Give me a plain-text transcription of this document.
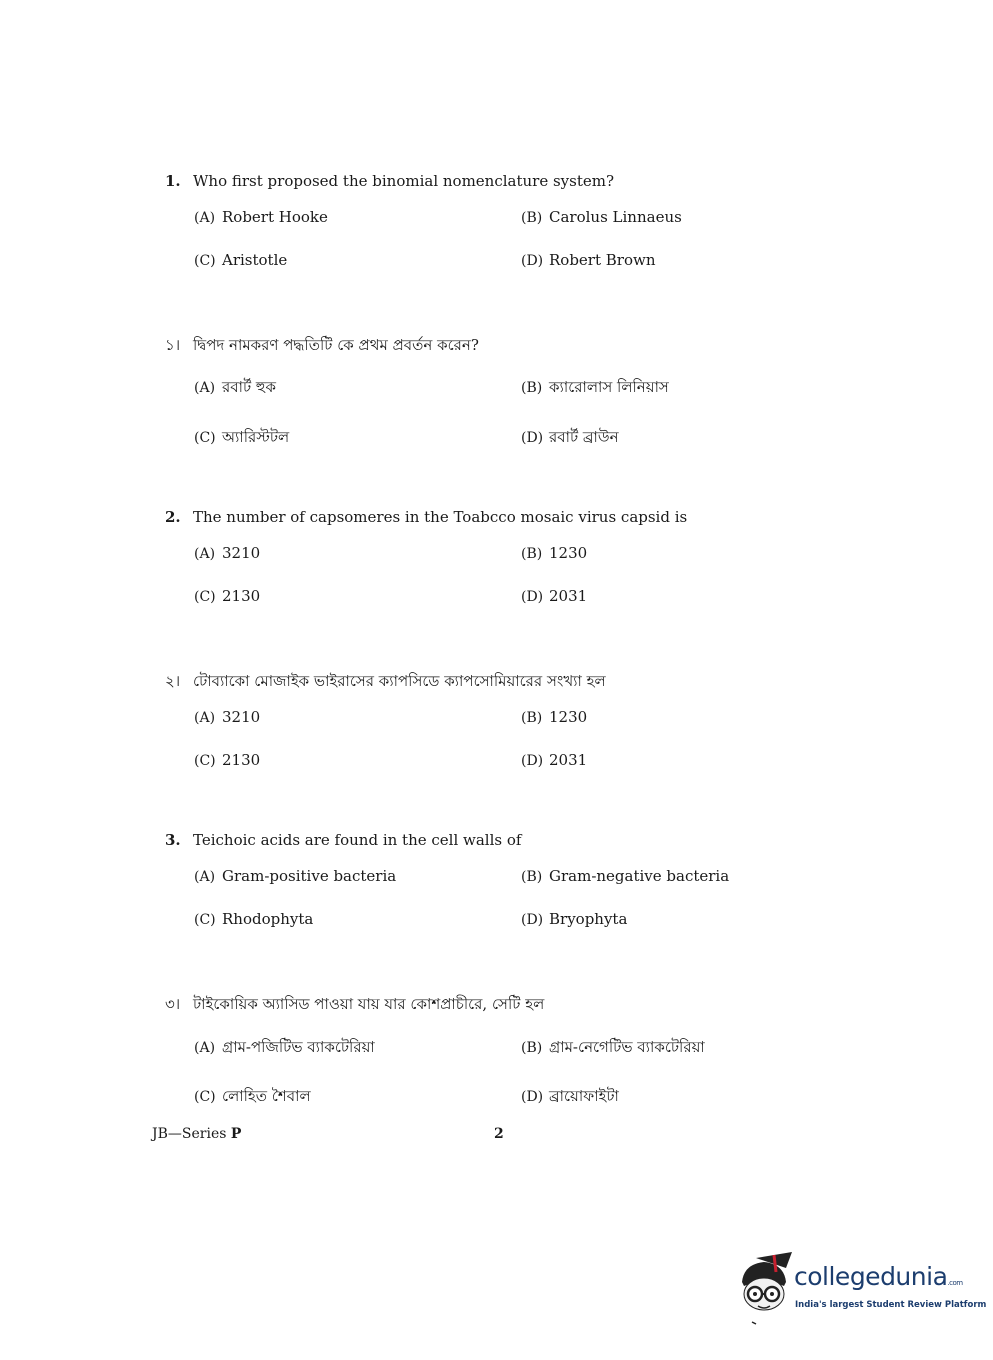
1. Who first proposed the binomial nomenclature system?
(A) Robert Hooke	(B) Carolus Linnaeus
(C) Aristotle	(D) Robert Brown
১। দ্বিপদ নামকরণ পদ্ধতিটি কে প্রথম প্রবর্তন করেন?
(A) রবার্ট হুক	(B) ক্যারোলাস লিনিয়াস
(C) অ্যারিস্টটল	(D) রবার্ট ব্রাউন
2. The number of capsomeres in the Toabcco mosaic virus capsid is
(A) 3210	(B) 1230
(C) 2130	(D) 2031
২। টোব্যাকো মোজাইক ভাইরাসের ক্যাপসিডে ক্যাপসোমিয়ারের সংখ্যা হল
(A) 3210	(B) 1230
(C) 2130	(D) 2031
3. Teichoic acids are found in the cell walls of
(A) Gram-positive bacteria	(B) Gram-negative bacteria
(C) Rhodophyta	(D) Bryophyta
৩। টাইকোয়িক অ্যাসিড পাওয়া যায় যার কোশপ্রাচীরে, সেটি হল
(A) গ্রাম-পজিটিভ ব্যাকটেরিয়া	(B) গ্রাম-নেগেটিভ ব্যাকটেরিয়া
(C) লোহিত শৈবাল	(D) ব্রায়োফাইটা
JB—Series P	2
collegedunia.com
India's largest Student Review Platform
